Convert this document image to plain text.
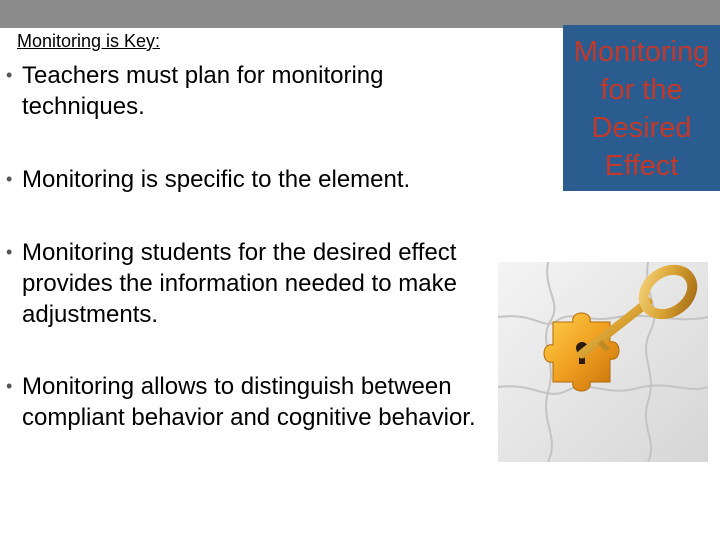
Monitoring is Key:
• Teachers must plan for monitoring techniques.
• Monitoring is specific to the element.
• Monitoring students for the desired effect provides the information needed to make adjustments.
• Monitoring allows to distinguish between compliant behavior and cognitive behavior.
Monitoring
for the
Desired
Effect
